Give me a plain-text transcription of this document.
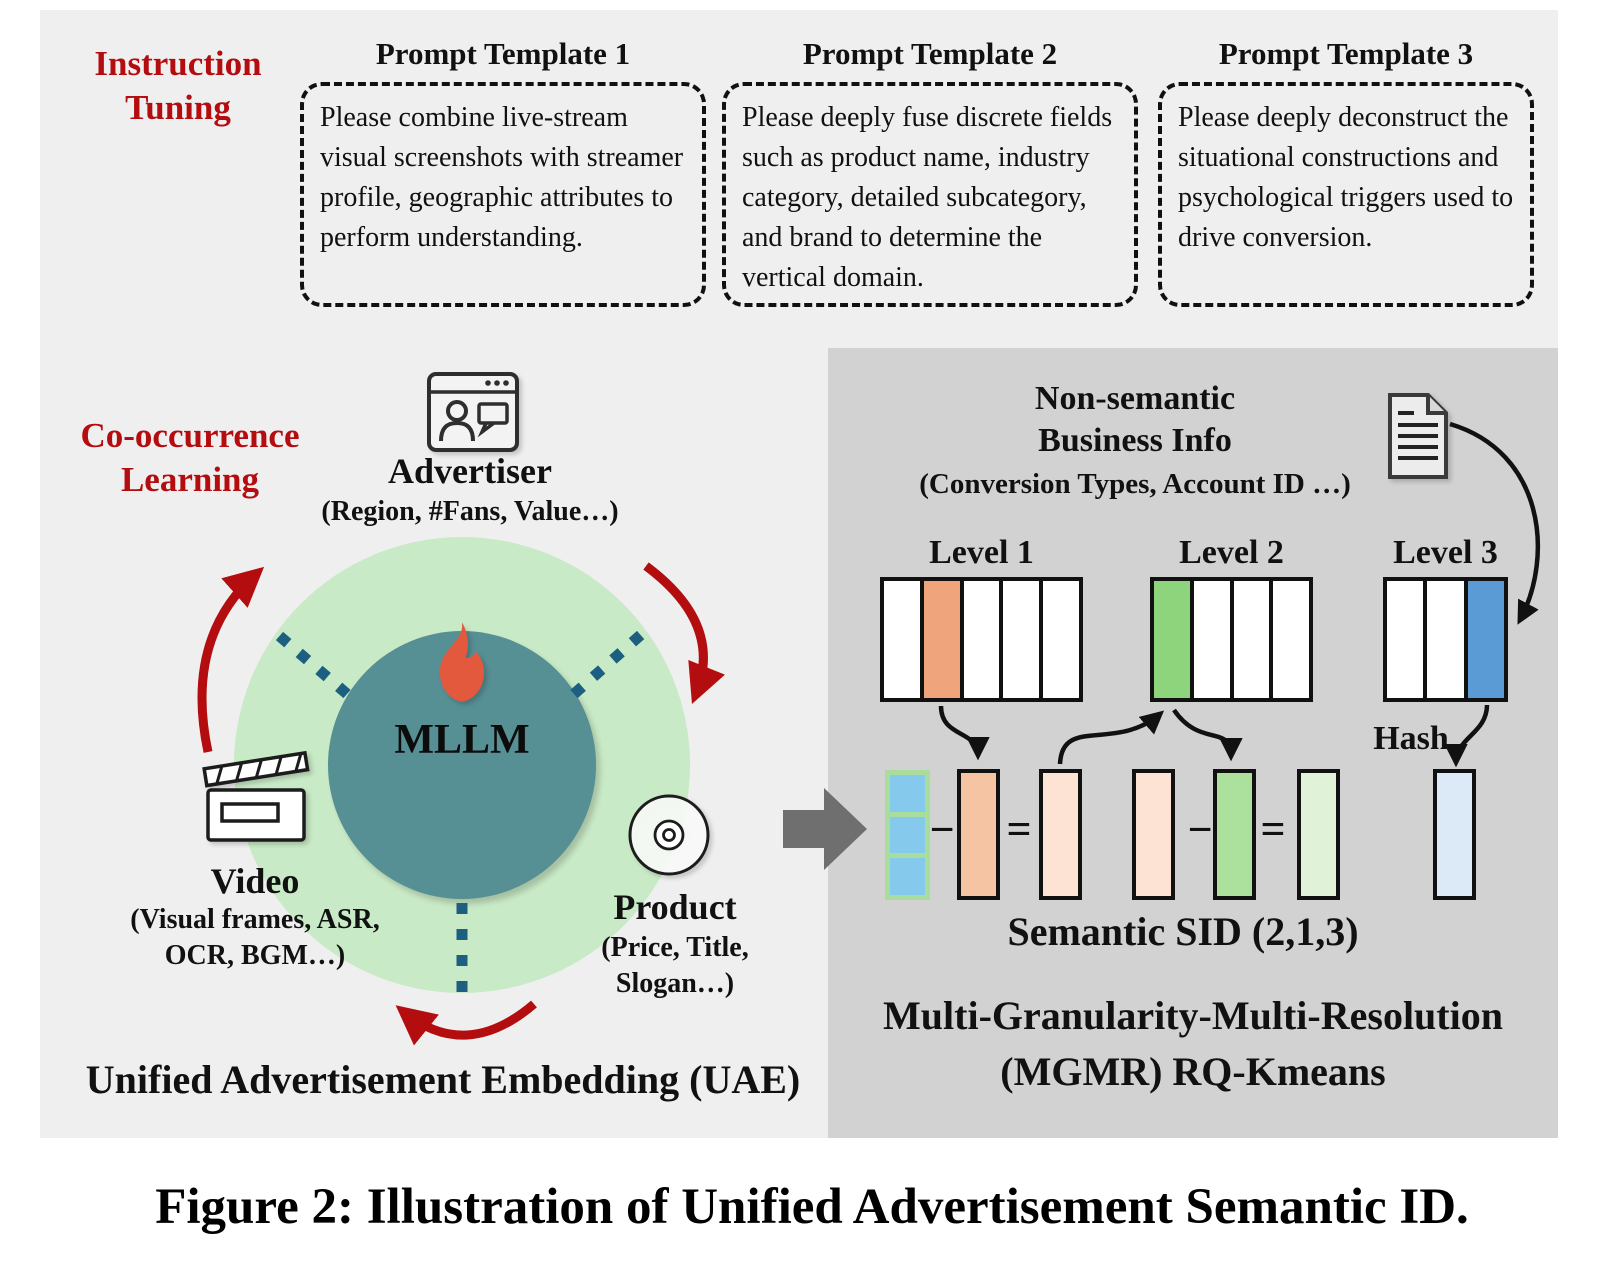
Instruction
Tuning
Prompt Template 1
Please combine live-stream visual screenshots with streamer profile, geographic attributes to perform understanding.
Prompt Template 2
Please deeply fuse discrete fields such as product name, industry category, detailed subcategory, and brand to determine the vertical domain.
Prompt Template 3
Please deeply deconstruct the situational constructions and psychological triggers used to drive conversion.
Co-occurrence
Learning
MLLM
Advertiser
(Region, #Fans, Value…)
Video
(Visual frames, ASR,
OCR, BGM…)
Product
(Price, Title,
Slogan…)
Unified Advertisement Embedding (UAE)
Non-semantic
Business Info
(Conversion Types, Account ID …)
Level 1	Level 2	Level 3
Hash
− =	− =
Semantic SID (2,1,3)
Multi-Granularity-Multi-Resolution
(MGMR) RQ-Kmeans
Figure 2: Illustration of Unified Advertisement Semantic ID.
